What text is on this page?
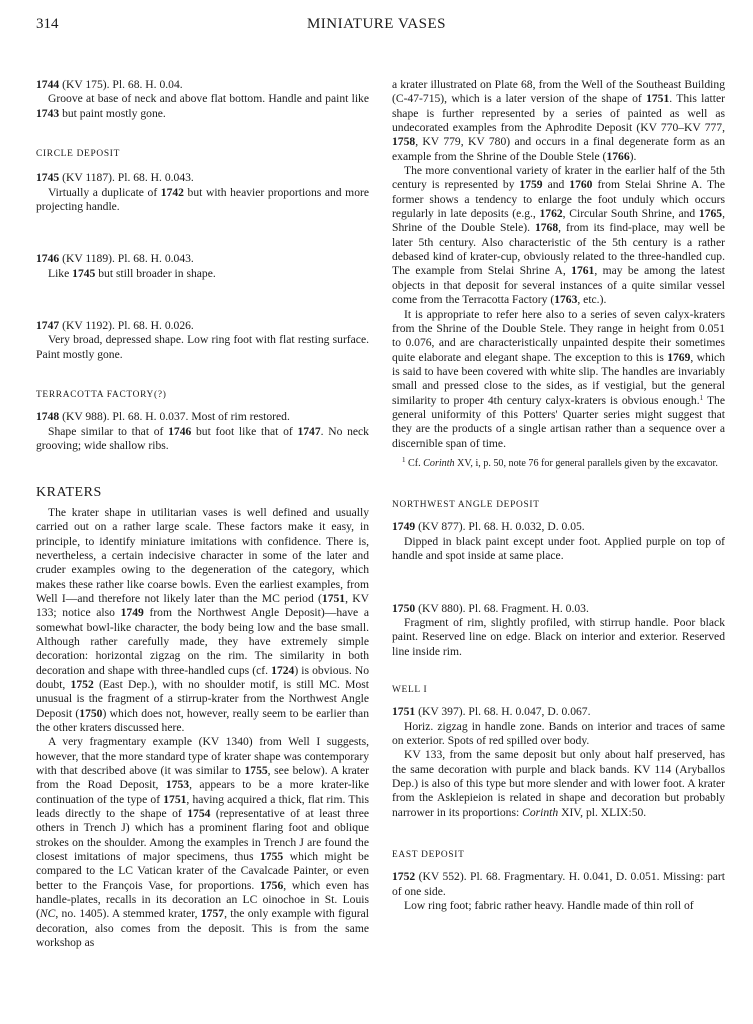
314	MINIATURE VASES

1744 (KV 175). Pl. 68. H. 0.04.

Groove at base of neck and above flat bottom. Handle and paint like 1743 but paint mostly gone.

CIRCLE DEPOSIT

1745 (KV 1187). Pl. 68. H. 0.043.

Virtually a duplicate of 1742 but with heavier proportions and more projecting handle.

1746 (KV 1189). Pl. 68. H. 0.043.

Like 1745 but still broader in shape.

1747 (KV 1192). Pl. 68. H. 0.026.

Very broad, depressed shape. Low ring foot with flat resting surface. Paint mostly gone.

TERRACOTTA FACTORY(?)

1748 (KV 988). Pl. 68. H. 0.037. Most of rim restored.

Shape similar to that of 1746 but foot like that of 1747. No neck grooving; wide shallow ribs.

KRATERS

The krater shape in utilitarian vases is well defined and usually carried out on a rather large scale. These factors make it easy, in principle, to identify miniature imitations with confidence. There is, nevertheless, a certain indecisive character in some of the later and cruder examples owing to the degeneration of the category, which makes these rather like coarse bowls. Even the earliest examples, from Well I—and therefore not likely later than the MC period (1751, KV 133; notice also 1749 from the Northwest Angle Deposit)—have a somewhat bowl-like character, the body being low and the base small. Although rather carefully made, they have extremely simple decoration: horizontal zigzag on the rim. The similarity in both decoration and shape with three-handled cups (cf. 1724) is obvious. No doubt, 1752 (East Dep.), with no shoulder motif, is still MC. Most unusual is the fragment of a stirrup-krater from the Northwest Angle Deposit (1750) which does not, however, really seem to be earlier than the other kraters discussed here.

A very fragmentary example (KV 1340) from Well I suggests, however, that the more standard type of krater shape was contemporary with that described above (it was similar to 1755, see below). A krater from the Road Deposit, 1753, appears to be a more krater-like continuation of the type of 1751, having acquired a thick, flat rim. This leads directly to the shape of 1754 (representative of at least three others in Trench J) which has a prominent flaring foot and oblique strokes on the shoulder. Among the examples in Trench J are found the closest imitations of major specimens, thus 1755 which might be compared to the LC Vatican krater of the Cavalcade Painter, or even better to the François Vase, for proportions. 1756, which even has handle-plates, recalls in its decoration an LC oinochoe in St. Louis (NC, no. 1405). A stemmed krater, 1757, the only example with figural decoration, also comes from the deposit. This is from the same workshop as

a krater illustrated on Plate 68, from the Well of the Southeast Building (C-47-715), which is a later version of the shape of 1751. This latter shape is further represented by a series of painted as well as undecorated examples from the Aphrodite Deposit (KV 770–KV 777, 1758, KV 779, KV 780) and occurs in a final degenerate form as an example from the Shrine of the Double Stele (1766).

The more conventional variety of krater in the earlier half of the 5th century is represented by 1759 and 1760 from Stelai Shrine A. The former shows a tendency to enlarge the foot unduly which occurs regularly in late deposits (e.g., 1762, Circular South Shrine, and 1765, Shrine of the Double Stele). 1768, from its find-place, may well be later 5th century. Also characteristic of the 5th century is a rather debased kind of krater-cup, obviously related to the three-handled cup. The example from Stelai Shrine A, 1761, may be among the latest objects in that deposit for several instances of a quite similar vessel come from the Terracotta Factory (1763, etc.).

It is appropriate to refer here also to a series of seven calyx-kraters from the Shrine of the Double Stele. They range in height from 0.051 to 0.076, and are characteristically unpainted despite their sometimes quite elaborate and elegant shape. The exception to this is 1769, which is said to have been covered with white slip. The handles are invariably small and pressed close to the sides, as if vestigial, but the general similarity to proper 4th century calyx-kraters is obvious enough.$^1$ The general uniformity of this Potters' Quarter series might suggest that they are the products of a single artisan rather than a sequence over a discernible span of time.

$^1$ Cf. Corinth XV, i, p. 50, note 76 for general parallels given by the excavator.

NORTHWEST ANGLE DEPOSIT

1749 (KV 877). Pl. 68. H. 0.032, D. 0.05.

Dipped in black paint except under foot. Applied purple on top of handle and spot inside at same place.

1750 (KV 880). Pl. 68. Fragment. H. 0.03.

Fragment of rim, slightly profiled, with stirrup handle. Poor black paint. Reserved line on edge. Black on interior and exterior. Reserved line inside rim.

WELL I

1751 (KV 397). Pl. 68. H. 0.047, D. 0.067.

Horiz. zigzag in handle zone. Bands on interior and traces of same on exterior. Spots of red spilled over body.

KV 133, from the same deposit but only about half preserved, has the same decoration with purple and black bands. KV 114 (Aryballos Dep.) is also of this type but more slender and with lower foot. A krater from the Asklepieion is related in shape and decoration but probably narrower in its proportions: Corinth XIV, pl. XLIX:50.

EAST DEPOSIT

1752 (KV 552). Pl. 68. Fragmentary. H. 0.041, D. 0.051. Missing: part of one side.

Low ring foot; fabric rather heavy. Handle made of thin roll of
